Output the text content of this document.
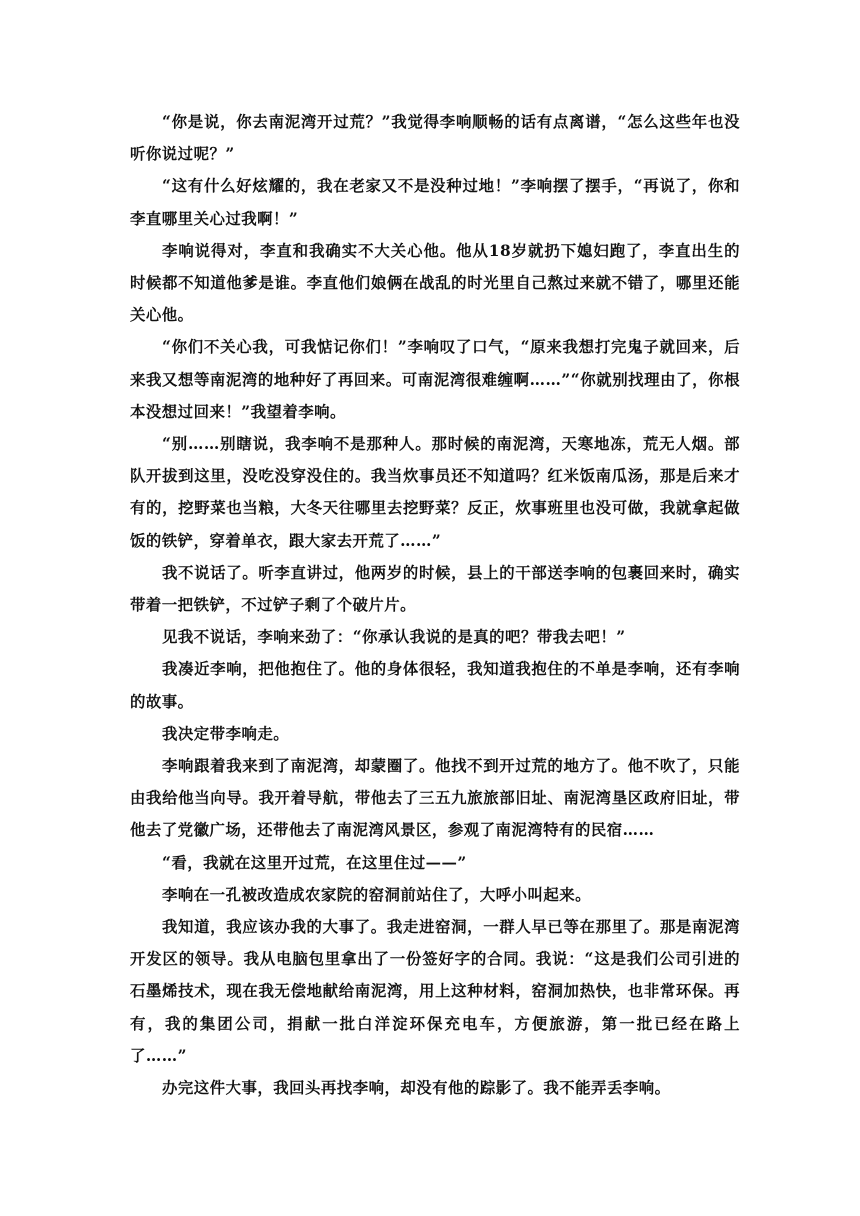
“你是说，你去南泥湾开过荒？”我觉得李响顺畅的话有点离谱，“怎么这些年也没听你说过呢？”

“这有什么好炫耀的，我在老家又不是没种过地！”李响摆了摆手，“再说了，你和李直哪里关心过我啊！”

李响说得对，李直和我确实不大关心他。他从18岁就扔下媳妇跑了，李直出生的时候都不知道他爹是谁。李直他们娘俩在战乱的时光里自己熬过来就不错了，哪里还能关心他。

“你们不关心我，可我惦记你们！”李响叹了口气，“原来我想打完鬼子就回来，后来我又想等南泥湾的地种好了再回来。可南泥湾很难缠啊……”“你就别找理由了，你根本没想过回来！”我望着李响。

“别……别瞎说，我李响不是那种人。那时候的南泥湾，天寒地冻，荒无人烟。部队开拔到这里，没吃没穿没住的。我当炊事员还不知道吗？红米饭南瓜汤，那是后来才有的，挖野菜也当粮，大冬天往哪里去挖野菜？反正，炊事班里也没可做，我就拿起做饭的铁铲，穿着单衣，跟大家去开荒了……”

我不说话了。听李直讲过，他两岁的时候，县上的干部送李响的包裹回来时，确实带着一把铁铲，不过铲子剩了个破片片。

见我不说话，李响来劲了：“你承认我说的是真的吧？带我去吧！”

我凑近李响，把他抱住了。他的身体很轻，我知道我抱住的不单是李响，还有李响的故事。

我决定带李响走。

李响跟着我来到了南泥湾，却蒙圈了。他找不到开过荒的地方了。他不吹了，只能由我给他当向导。我开着导航，带他去了三五九旅旅部旧址、南泥湾垦区政府旧址，带他去了党徽广场，还带他去了南泥湾风景区，参观了南泥湾特有的民宿……

“看，我就在这里开过荒，在这里住过——”

李响在一孔被改造成农家院的窑洞前站住了，大呼小叫起来。

我知道，我应该办我的大事了。我走进窑洞，一群人早已等在那里了。那是南泥湾开发区的领导。我从电脑包里拿出了一份签好字的合同。我说：“这是我们公司引进的石墨烯技术，现在我无偿地献给南泥湾，用上这种材料，窑洞加热快，也非常环保。再有，我的集团公司，捐献一批白洋淀环保充电车，方便旅游，第一批已经在路上了……”

办完这件大事，我回头再找李响，却没有他的踪影了。我不能弄丢李响。
